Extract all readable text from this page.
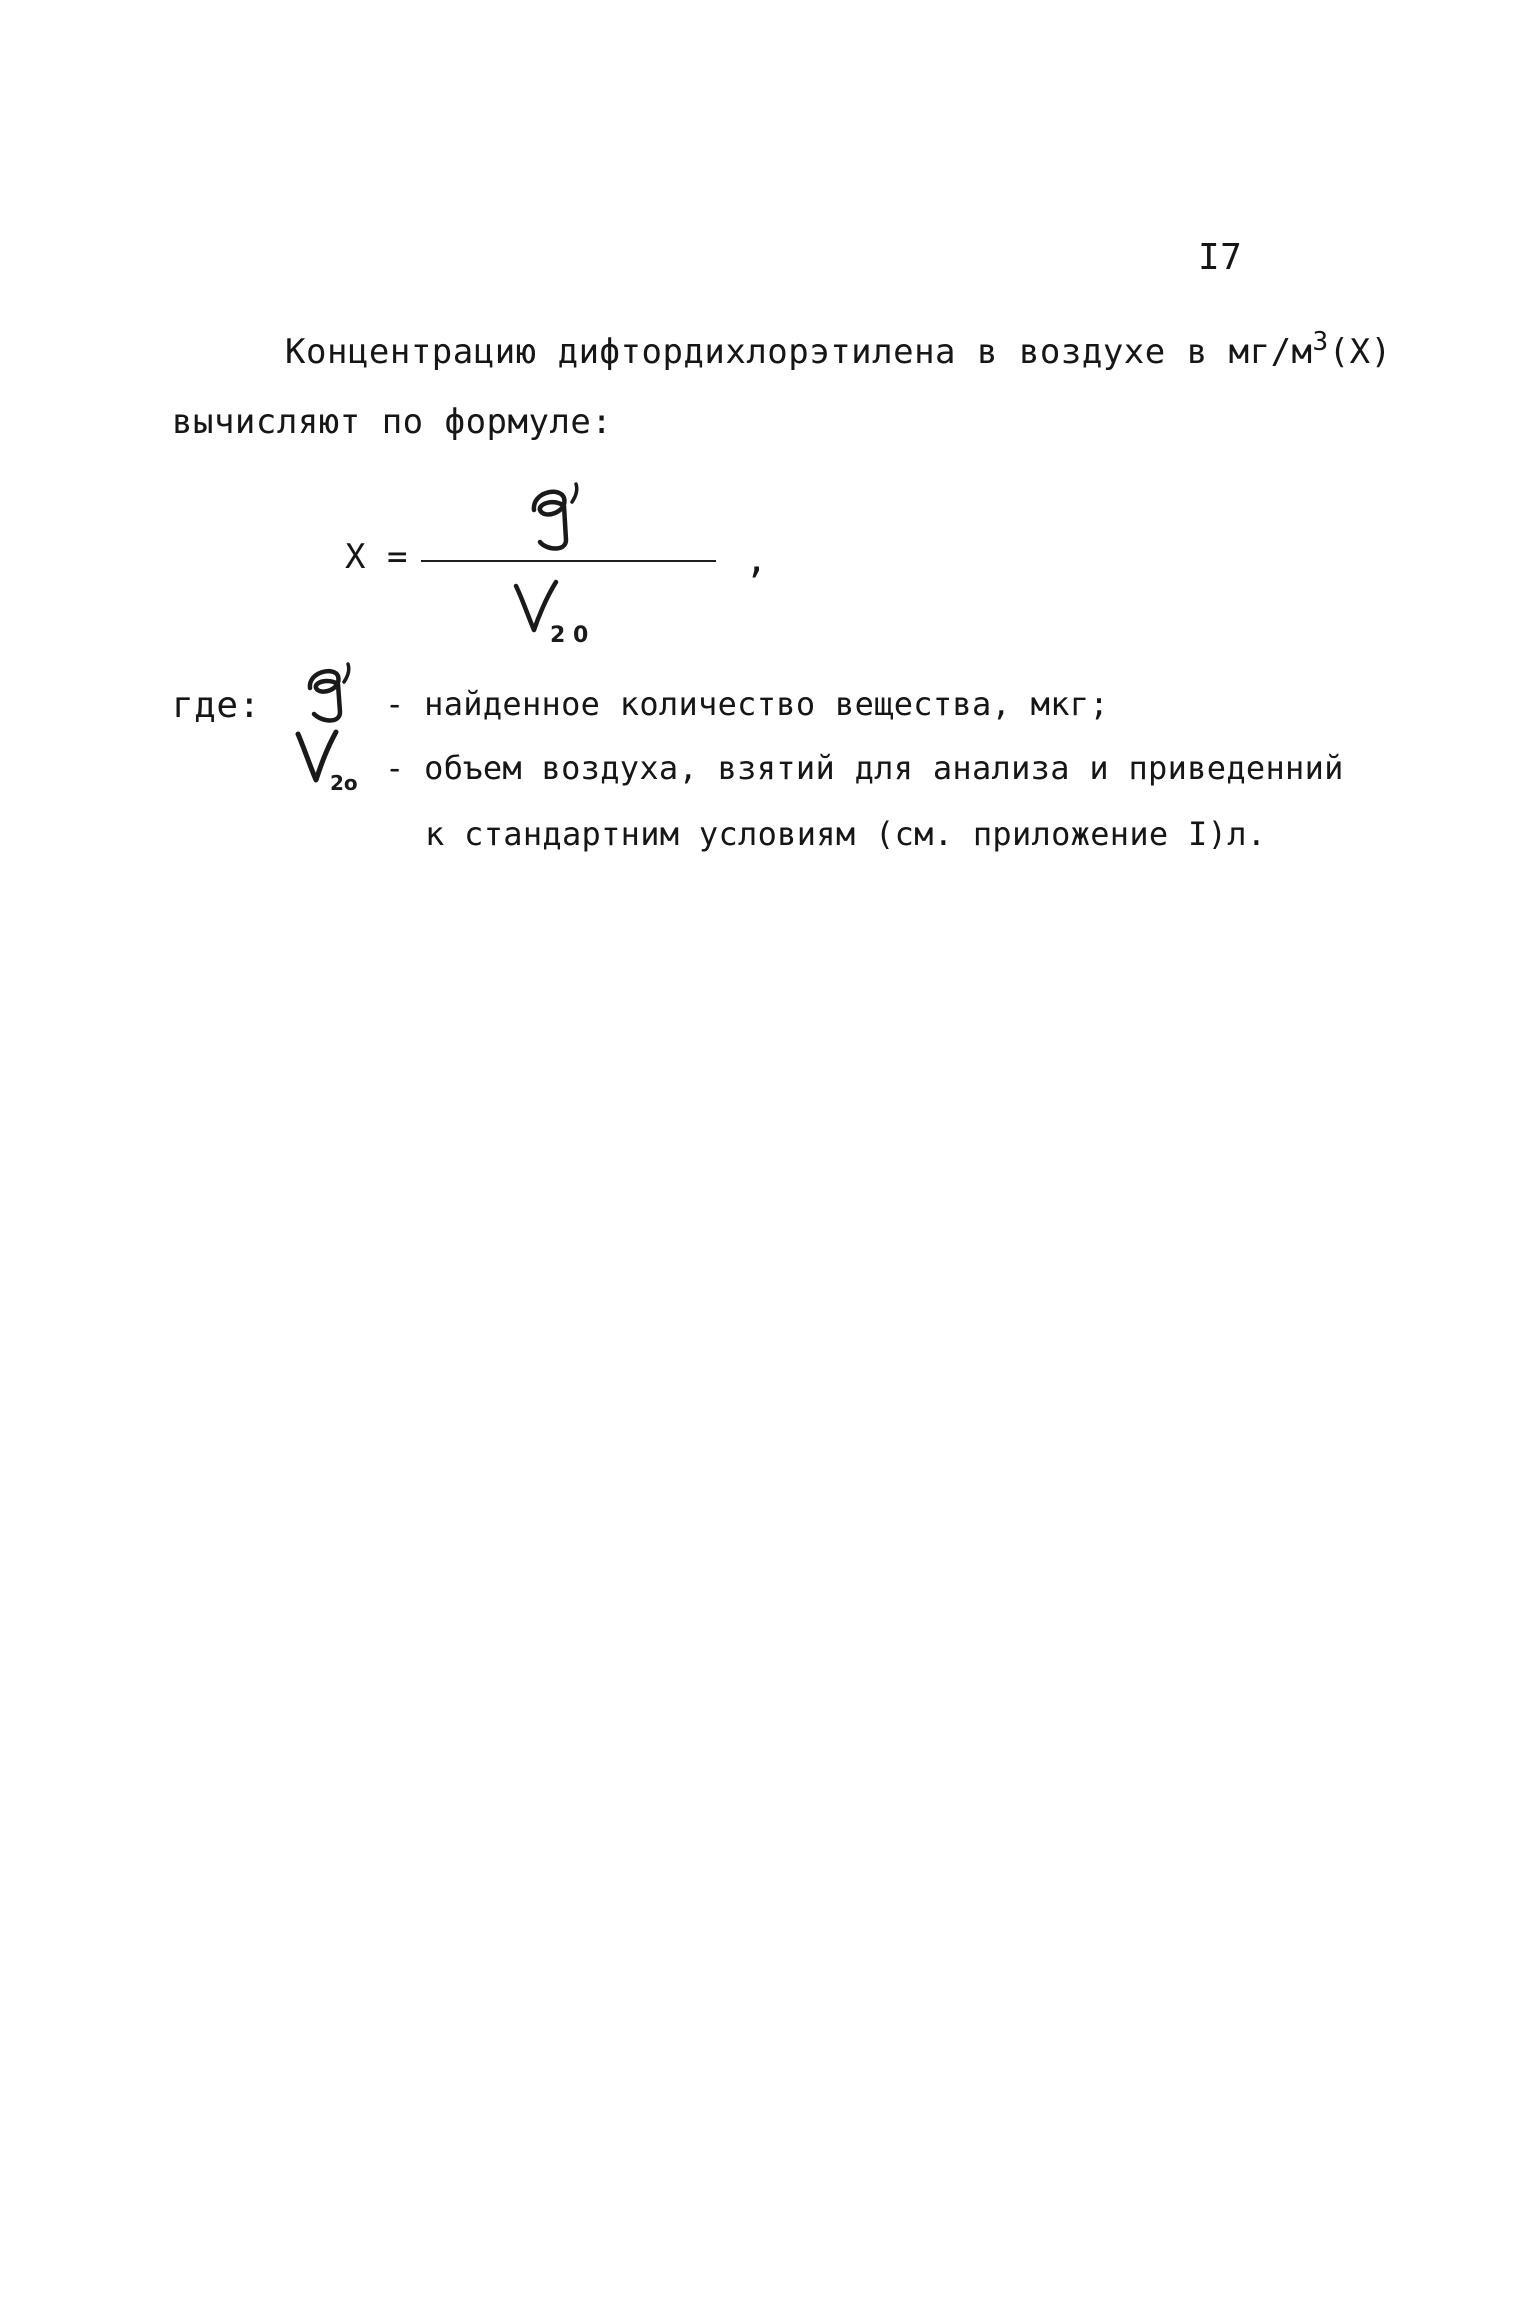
I7
Концентрацию дифтордихлорэтилена в воздухе в $мг/м^3(X)$
вычисляют по формуле:
X =
2 0
,
где:	- найденное количество вещества, мкг;
2o - объем воздуха, взятий для анализа и приведенний
к стандартним условиям (см. приложение I)л.
